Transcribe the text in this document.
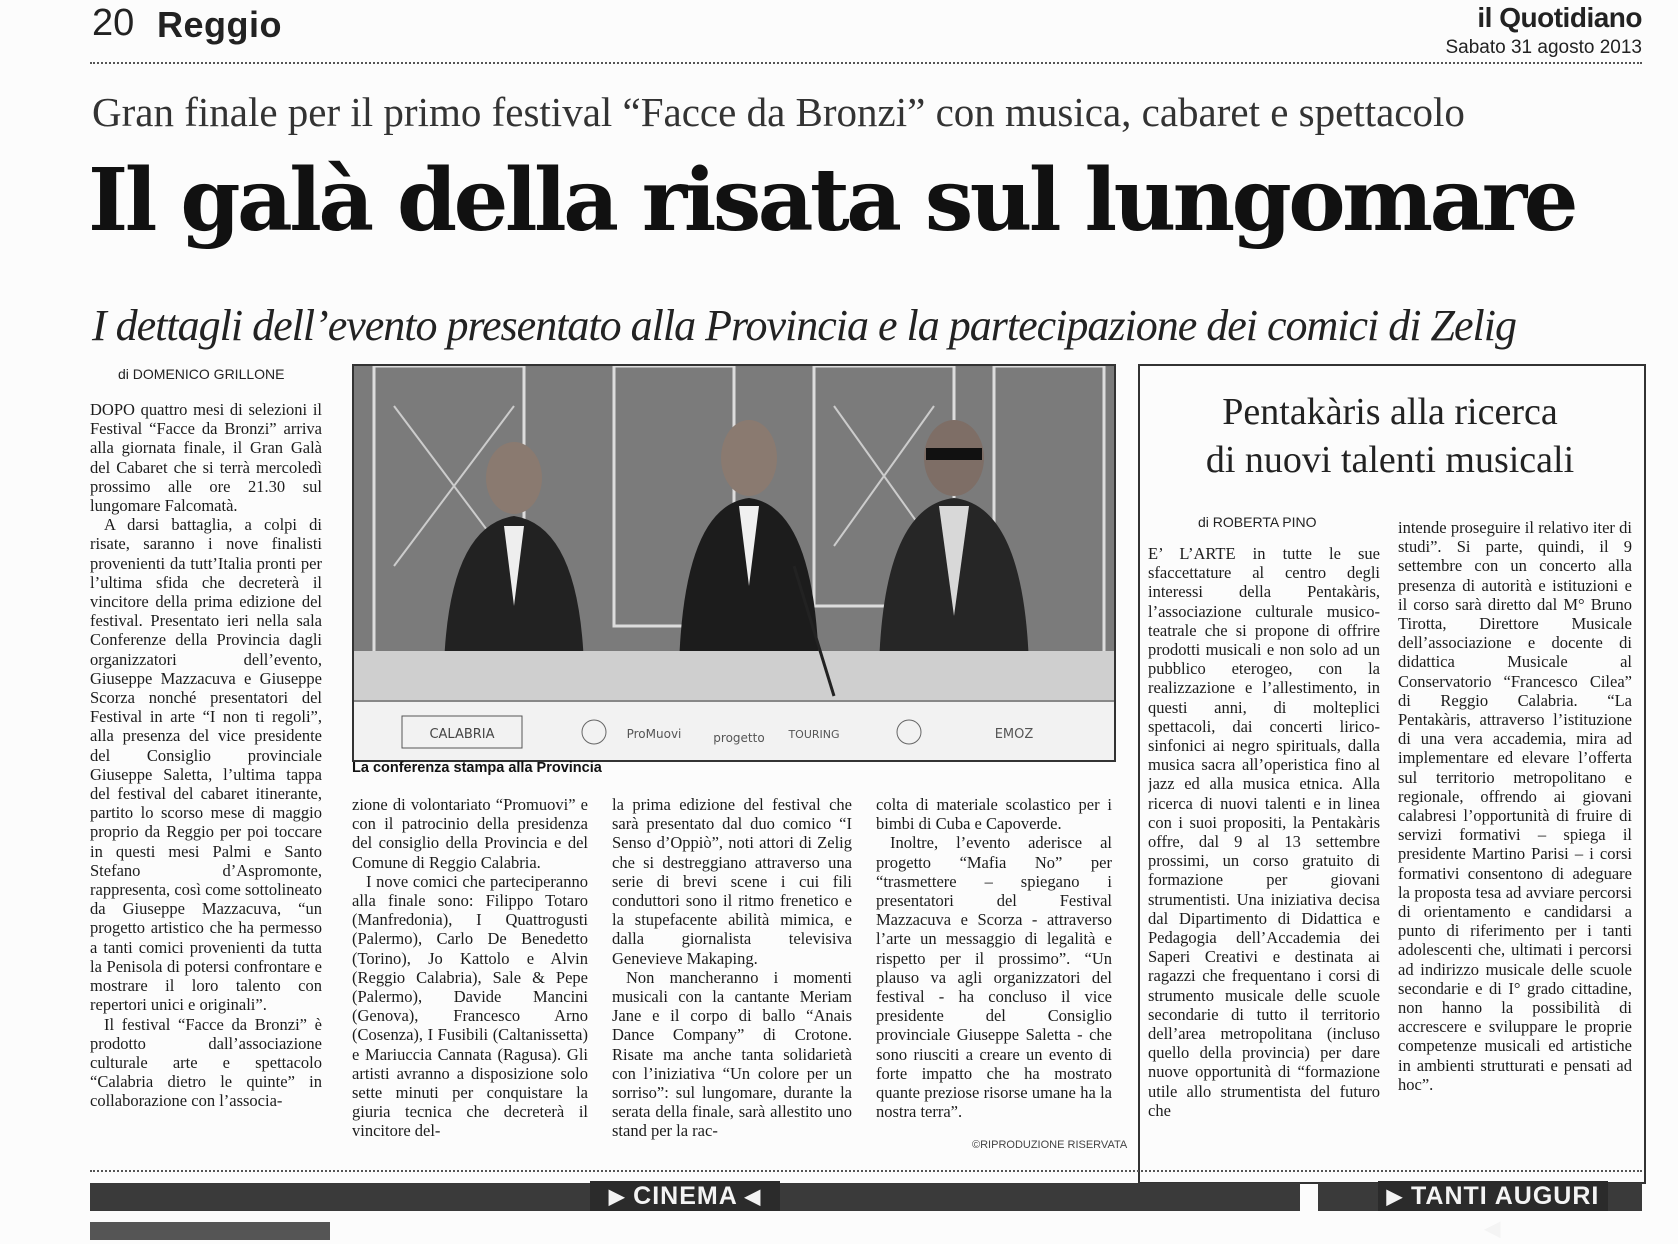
20 Reggio	il Quotidiano
Sabato 31 agosto 2013
Gran finale per il primo festival “Facce da Bronzi” con musica, cabaret e spettacolo
Il galà della risata sul lungomare
I dettagli dell’evento presentato alla Provincia e la partecipazione dei comici di Zelig
di DOMENICO GRILLONE

DOPO quattro mesi di selezioni il Festival “Facce da Bronzi” arriva alla giornata finale, il Gran Galà del Cabaret che si terrà mercoledì prossimo alle ore 21.30 sul lungomare Falcomatà.

A darsi battaglia, a colpi di risate, saranno i nove finalisti provenienti da tutt’Italia pronti per l’ultima sfida che decreterà il vincitore della prima edizione del festival. Presentato ieri nella sala Conferenze della Provincia dagli organizzatori dell’evento, Giuseppe Mazzacuva e Giuseppe Scorza nonché presentatori del Festival in arte “I non ti regoli”, alla presenza del vice presidente del Consiglio provinciale Giuseppe Saletta, l’ultima tappa del festival del cabaret itinerante, partito lo scorso mese di maggio proprio da Reggio per poi toccare in questi mesi Palmi e Santo Stefano d’Aspromonte, rappresenta, così come sottolineato da Giuseppe Mazzacuva, “un progetto artistico che ha permesso a tanti comici provenienti da tutta la Penisola di potersi confrontare e mostrare il loro talento con repertori unici e originali”.

Il festival “Facce da Bronzi” è prodotto dall’associazione culturale arte e spettacolo “Calabria dietro le quinte” in collaborazione con l’associa-

CALABRIA	ProMuovi	progetto TOURING	EMOZ
La conferenza stampa alla Provincia

zione di volontariato “Promuovi” e con il patrocinio della presidenza del consiglio della Provincia e del Comune di Reggio Calabria.

I nove comici che parteciperanno alla finale sono: Filippo Totaro (Manfredonia), I Quattrogusti (Palermo), Carlo De Benedetto (Torino), Jo Kattolo e Alvin (Reggio Calabria), Sale & Pepe (Palermo), Davide Mancini (Genova), Francesco Arno (Cosenza), I Fusibili (Caltanissetta) e Mariuccia Cannata (Ragusa). Gli artisti avranno a disposizione solo sette minuti per conquistare la giuria tecnica che decreterà il vincitore del-

la prima edizione del festival che sarà presentato dal duo comico “I Senso d’Oppiò”, noti attori di Zelig che si destreggiano attraverso una serie di brevi scene i cui fili conduttori sono il ritmo frenetico e la stupefacente abilità mimica, e dalla giornalista televisiva Genevieve Makaping.

Non mancheranno i momenti musicali con la cantante Meriam Jane e il corpo di ballo “Anais Dance Company” di Crotone. Risate ma anche tanta solidarietà con l’iniziativa “Un colore per un sorriso”: sul lungomare, durante la serata della finale, sarà allestito uno stand per la rac-

colta di materiale scolastico per i bimbi di Cuba e Capoverde.

Inoltre, l’evento aderisce al progetto “Mafia No” per “trasmettere – spiegano i presentatori del Festival Mazzacuva e Scorza - attraverso l’arte un messaggio di legalità e rispetto per il prossimo”. “Un plauso va agli organizzatori del festival - ha concluso il vice presidente del Consiglio provinciale Giuseppe Saletta - che sono riusciti a creare un evento di forte impatto che ha mostrato quante preziose risorse umane ha la nostra terra”.

©RIPRODUZIONE RISERVATA
Pentakàris alla ricerca
di nuovi talenti musicali
di ROBERTA PINO

E’ L’ARTE in tutte le sue sfaccettature al centro degli interessi della Pentakàris, l’associazione culturale musico-teatrale che si propone di offrire prodotti musicali e non solo ad un pubblico eterogeo, con la realizzazione e l’allestimento, in questi anni, di molteplici spettacoli, dai concerti lirico-sinfonici ai negro spirituals, dalla musica sacra all’operistica fino al jazz ed alla musica etnica. Alla ricerca di nuovi talenti e in linea con i suoi propositi, la Pentakàris offre, dal 9 al 13 settembre prossimi, un corso gratuito di formazione per giovani strumentisti. Una iniziativa decisa dal Dipartimento di Didattica e Pedagogia dell’Accademia dei Saperi Creativi e destinata ai ragazzi che frequentano i corsi di strumento musicale delle scuole secondarie di tutto il territorio dell’area metropolitana (incluso quello della provincia) per dare nuove opportunità di “formazione utile allo strumentista del futuro che

intende proseguire il relativo iter di studi”. Si parte, quindi, il 9 settembre con un concerto alla presenza di autorità e istituzioni e il corso sarà diretto dal M° Bruno Tirotta, Direttore Musicale dell’associazione e docente di didattica Musicale al Conservatorio “Francesco Cilea” di Reggio Calabria. “La Pentakàris, attraverso l’istituzione di una vera accademia, mira ad implementare ed elevare l’offerta sul territorio metropolitano e regionale, offrendo ai giovani calabresi l’opportunità di fruire di servizi formativi – spiega il presidente Martino Parisi – i corsi formativi consentono di adeguare la proposta tesa ad avviare percorsi di orientamento e candidarsi a punto di riferimento per i tanti adolescenti che, ultimati i percorsi ad indirizzo musicale delle scuole secondarie e di I° grado cittadine, non hanno la possibilità di accrescere e sviluppare le proprie competenze musicali ed artistiche in ambienti strutturati e pensati ad hoc”.

▶ CINEMA ◀	▶ TANTI AUGURI ◀
